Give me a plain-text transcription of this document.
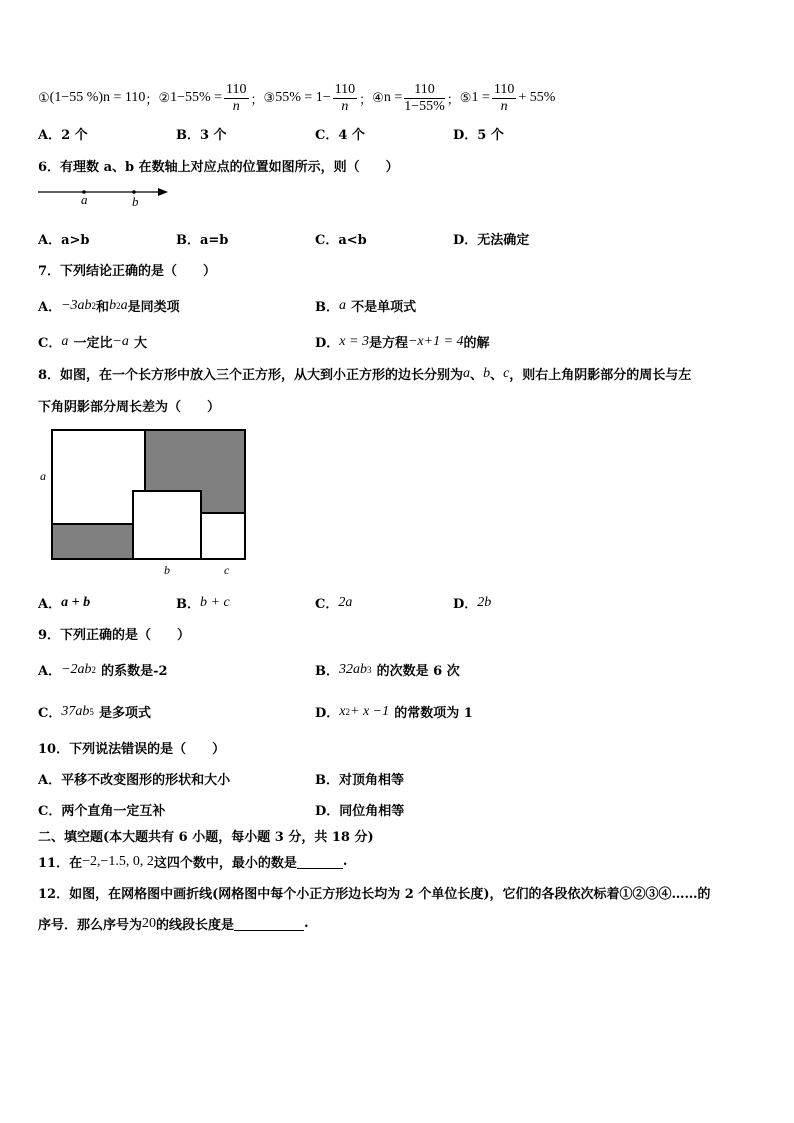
① (1−55 %)n = 110 ； ② $1-55\% = \frac{110}{n}$ ； ③ $55\% = 1- \frac{110}{n}$ ； ④ $n = \frac{110}{1-55\%}$ ； ⑤ $1 = \frac{110}{n} + 55\%$
A．2 个	B．3 个	C．4 个	D．5 个
6．有理数 a、b 在数轴上对应点的位置如图所示，则（　　）
a	b
A．a>b	B．a=b	C．a<b	D．无法确定
7．下列结论正确的是（　　）
A． −3ab 2 和 b 2 a 是同类项	B． a
不是单项式
C． a
一定比 −a
大	D． x = 3 是方程 −x+1 = 4 的解
8．如图，在一个长方形中放入三个正方形，从大到小正方形的边长分别为 a 、 b 、 c ，则右上角阴影部分的周长与左
下角阴影部分周长差为（　　）
a
b	c
A． a + b	B． b + c	C． 2a	D． 2b
9．下列正确的是（　　）
A． −2ab 2
的系数是-2	B． 32ab 3
的次数是 6 次
C． 37ab 5
是多项式	D． x 2 + x −1
的常数项为 1
10．下列说法错误的是（　　）
A．平移不改变图形的形状和大小	B．对顶角相等
C．两个直角一定互补	D．同位角相等
二、填空题(本大题共有 6 小题，每小题 3 分，共 18 分)
11．在 −2,−1.5, 0, 2 这四个数中，最小的数是	.
12．如图，在网格图中画折线(网格图中每个小正方形边长均为 2 个单位长度)，它们的各段依次标着①②③④……的
序号．那么序号为 20 的线段长度是	.
